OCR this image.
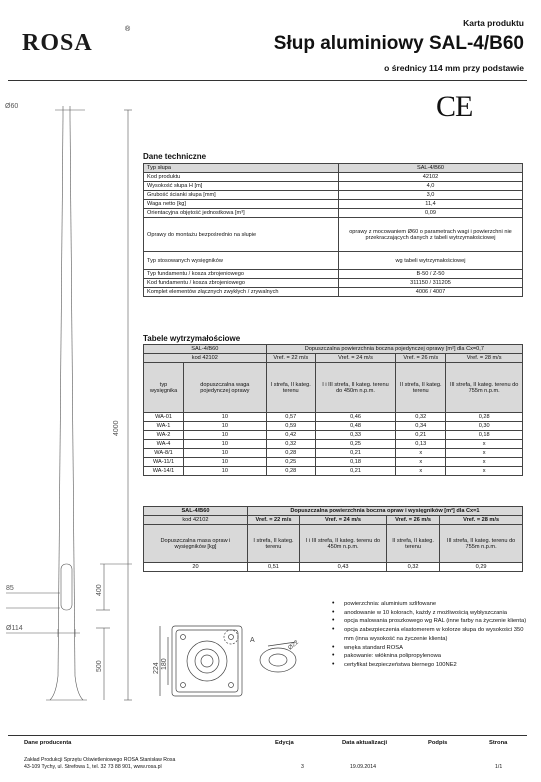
ROSA
®
Karta produktu
Słup aluminiowy SAL-4/B60
o średnicy 114 mm przy podstawie
CE
Ø60
4000
85	400
Ø114
500
Dane techniczne
Typ słupa	SAL-4/B60
Kod produktu	42102
Wysokość słupa H [m]	4,0
Grubość ścianki słupa [mm]	3,0
Waga netto [kg]	11,4
Orientacyjna objętość jednostkowa [m³]	0,09
Oprawy do montażu bezpośrednio na słupie	oprawy z mocowaniem Ø60 o parametrach wagi i powierzchni nie przekraczających danych z tabeli wytrzymałościowej
Typ stosowanych wysięgników	wg tabeli wytrzymałościowej
Typ fundamentu / kosza zbrojeniowego	B-50 / Z-50
Kod fundamentu / kosza zbrojeniowego	311150 / 311205
Komplet elementów złącznych zwykłych / zrywalnych	4006 / 4007
Tabele wytrzymałościowe
SAL-4/B60		Dopuszczalna powierzchnia boczna pojedynczej oprawy [m²] dla Cx=0,7			
kod 42102		Vref. = 22 m/s	Vref. = 24 m/s	Vref. = 26 m/s	Vref. = 28 m/s
typ wysięgnika	dopuszczalna waga pojedynczej oprawy	I strefa, II kateg. terenu	I i III strefa, II kateg. terenu do 450m n.p.m.	II strefa, II kateg. terenu	III strefa, II kateg. terenu do 755m n.p.m.
WA-01	10	0,57	0,46	0,32	0,28
WA-1	10	0,59	0,48	0,34	0,30
WA-2	10	0,42	0,33	0,21	0,18
WA-4	10	0,32	0,25	0,13	x
WA-8/1	10	0,28	0,21	x	x
WA-11/1	10	0,25	0,18	x	x
WA-14/1	10	0,28	0,21	x	x
SAL-4/B60	Dopuszczalna powierzchnia boczna opraw i wysięgników [m²] dla Cx=1			
kod 42102	Vref. = 22 m/s	Vref. = 24 m/s	Vref. = 26 m/s	Vref. = 28 m/s
Dopuszczalna masa opraw i wysięgników [kg]	I strefa, II kateg. terenu	I i III strefa, II kateg. terenu do 450m n.p.m.	II strefa, II kateg. terenu	III strefa, II kateg. terenu do 755m n.p.m.
20	0,51	0,43	0,32	0,29
224 180
A	Ø22
• powierzchnia: aluminium szlifowane
• anodowanie w 10 kolorach, każdy z możliwością wybłyszczania
• opcja malowania proszkowego wg RAL (inne farby na życzenie klienta)
• opcja zabezpieczenia elastomerem w kolorze słupa do wysokości 350 mm (inna wysokość na życzenie klienta)
• wnęka standard ROSA
• pakowanie: włóknina polipropylenowa
• certyfikat bezpieczeństwa biernego 100NE2
Dane producenta	Edycja	Data aktualizacji	Podpis	Strona
Zakład Produkcji Sprzętu Oświetleniowego ROSA Stanisław Rosa
43-109 Tychy, ul. Strefowa 1, tel. 32 73 88 901, www.rosa.pl	3	19.09.2014	1/1
